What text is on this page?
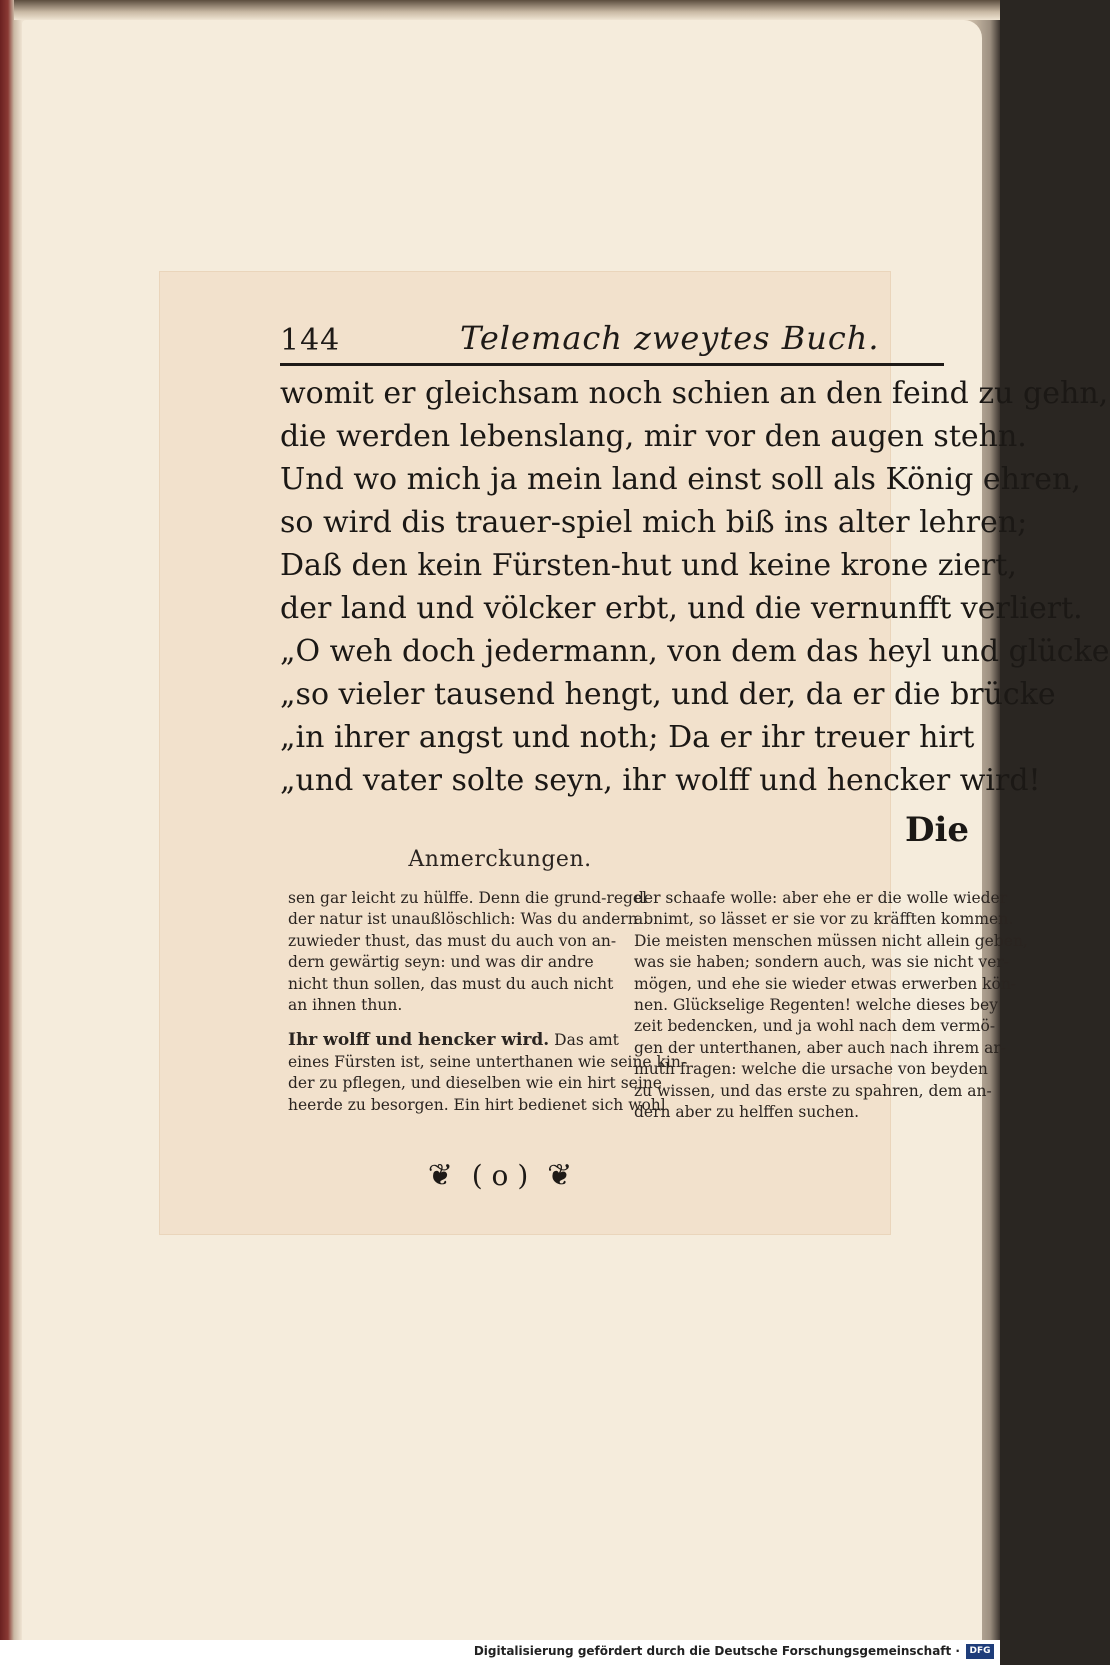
144	Telemach zweytes Buch.
womit er gleichsam noch schien an den feind zu gehn,
die werden lebenslang, mir vor den augen stehn.
Und wo mich ja mein land einst soll als König ehren,
so wird dis trauer-spiel mich biß ins alter lehren;
Daß den kein Fürsten-hut und keine krone ziert,
der land und völcker erbt, und die vernunfft verliert.
„O weh doch jedermann, von dem das heyl und glücke
„so vieler tausend hengt, und der, da er die brücke
„in ihrer angst und noth; Da er ihr treuer hirt
„und vater solte seyn, ihr wolff und hencker wird!
Die
Anmerckungen.
sen gar leicht zu hülffe. Denn die grund-regel
der natur ist unaußlöschlich: Was du andern
zuwieder thust, das must du auch von an-
dern gewärtig seyn: und was dir andre
nicht thun sollen, das must du auch nicht
an ihnen thun.
Ihr wolff und hencker wird. Das amt
eines Fürsten ist, seine unterthanen wie seine kin-
der zu pflegen, und dieselben wie ein hirt seine
heerde zu besorgen. Ein hirt bedienet sich wohl
der schaafe wolle: aber ehe er die wolle wieder
abnimt, so lässet er sie vor zu kräfften kommen.
Die meisten menschen müssen nicht allein geben,
was sie haben; sondern auch, was sie nicht ver-
mögen, und ehe sie wieder etwas erwerben kön-
nen. Glückselige Regenten! welche dieses bey
zeit bedencken, und ja wohl nach dem vermö-
gen der unterthanen, aber auch nach ihrem ar-
muth fragen: welche die ursache von beyden
zu wissen, und das erste zu spahren, dem an-
dern aber zu helffen suchen.
❦ ( o ) ❦
Digitalisierung gefördert durch die Deutsche Forschungsgemeinschaft ·	DFG
